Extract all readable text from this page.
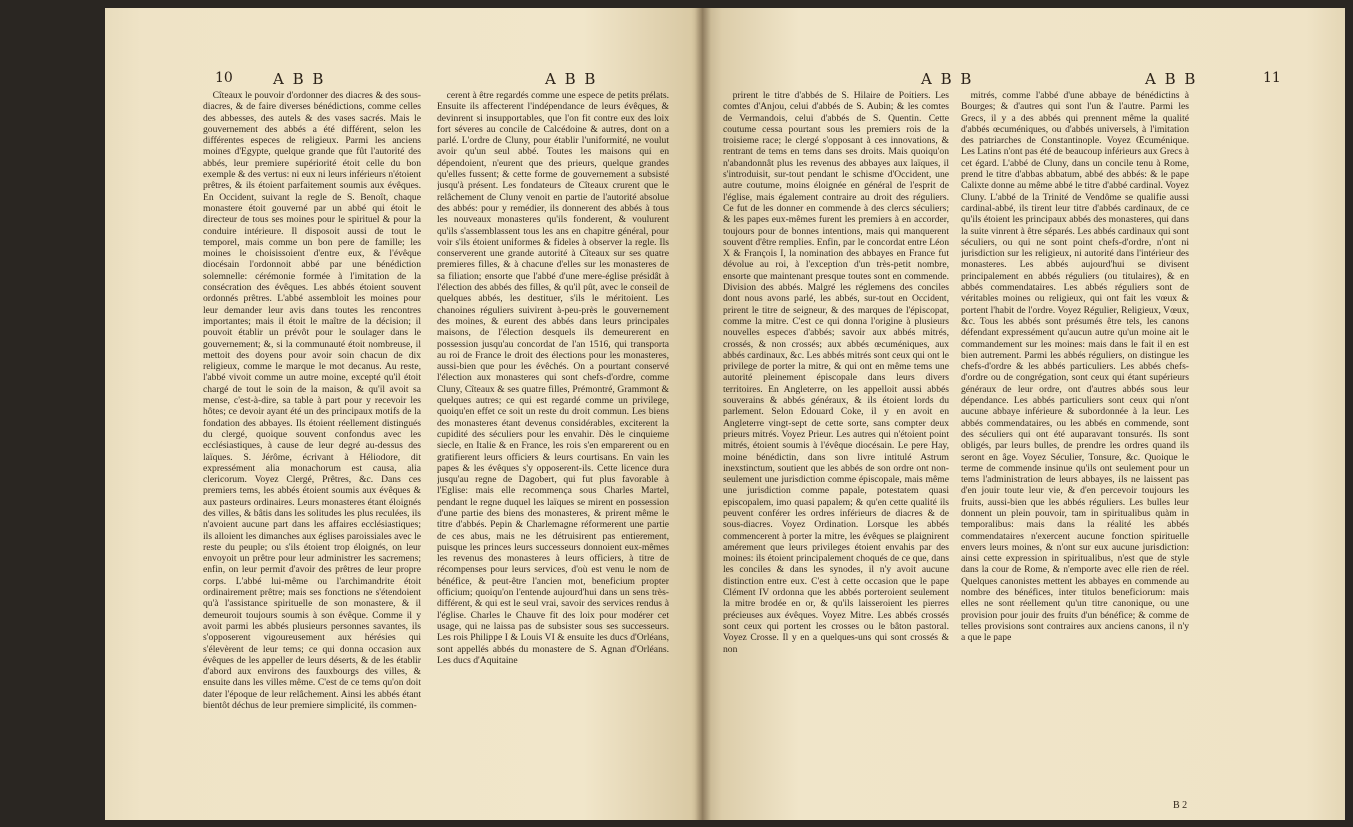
10	A B B	A B B

Cîteaux le pouvoir d'ordonner des diacres & des sous-diacres, & de faire diverses bénédictions, comme celles des abbesses, des autels & des vases sacrés. Mais le gouvernement des abbés a été différent, selon les différentes especes de religieux. Parmi les anciens moines d'Egypte, quelque grande que fût l'autorité des abbés, leur premiere supériorité étoit celle du bon exemple & des vertus: ni eux ni leurs inférieurs n'étoient prêtres, & ils étoient parfaitement soumis aux évêques. En Occident, suivant la regle de S. Benoît, chaque monastere étoit gouverné par un abbé qui étoit le directeur de tous ses moines pour le spirituel & pour la conduire intérieure. Il disposoit aussi de tout le temporel, mais comme un bon pere de famille; les moines le choisissoient d'entre eux, & l'évêque diocésain l'ordonnoit abbé par une bénédiction solemnelle: cérémonie formée à l'imitation de la consécration des évêques. Les abbés étoient souvent ordonnés prêtres. L'abbé assembloit les moines pour leur demander leur avis dans toutes les rencontres importantes; mais il étoit le maître de la décision; il pouvoit établir un prévôt pour le soulager dans le gouvernement; &, si la communauté étoit nombreuse, il mettoit des doyens pour avoir soin chacun de dix religieux, comme le marque le mot decanus. Au reste, l'abbé vivoit comme un autre moine, excepté qu'il étoit chargé de tout le soin de la maison, & qu'il avoit sa mense, c'est-à-dire, sa table à part pour y recevoir les hôtes; ce devoir ayant été un des principaux motifs de la fondation des abbayes. Ils étoient réellement distingués du clergé, quoique souvent confondus avec les ecclésiastiques, à cause de leur degré au-dessus des laïques. S. Jérôme, écrivant à Héliodore, dit expressément alia monachorum est causa, alia clericorum. Voyez Clergé, Prêtres, &c. Dans ces premiers tems, les abbés étoient soumis aux évêques & aux pasteurs ordinaires. Leurs monasteres étant éloignés des villes, & bâtis dans les solitudes les plus reculées, ils n'avoient aucune part dans les affaires ecclésiastiques; ils alloient les dimanches aux églises paroissiales avec le reste du peuple; ou s'ils étoient trop éloignés, on leur envoyoit un prêtre pour leur administrer les sacremens; enfin, on leur permit d'avoir des prêtres de leur propre corps. L'abbé lui-même ou l'archimandrite étoit ordinairement prêtre; mais ses fonctions ne s'étendoient qu'à l'assistance spirituelle de son monastere, & il demeuroit toujours soumis à son évêque. Comme il y avoit parmi les abbés plusieurs personnes savantes, ils s'opposerent vigoureusement aux hérésies qui s'élevèrent de leur tems; ce qui donna occasion aux évêques de les appeller de leurs déserts, & de les établir d'abord aux environs des fauxbourgs des villes, & ensuite dans les villes même. C'est de ce tems qu'on doit dater l'époque de leur relâchement. Ainsi les abbés étant bientôt déchus de leur premiere simplicité, ils commen-

cerent à être regardés comme une espece de petits prélats. Ensuite ils affecterent l'indépendance de leurs évêques, & devinrent si insupportables, que l'on fit contre eux des loix fort séveres au concile de Calcédoine & autres, dont on a parlé. L'ordre de Cluny, pour établir l'uniformité, ne voulut avoir qu'un seul abbé. Toutes les maisons qui en dépendoient, n'eurent que des prieurs, quelque grandes qu'elles fussent; & cette forme de gouvernement a subsisté jusqu'à présent. Les fondateurs de Cîteaux crurent que le relâchement de Cluny venoit en partie de l'autorité absolue des abbés: pour y remédier, ils donnerent des abbés à tous les nouveaux monasteres qu'ils fonderent, & voulurent qu'ils s'assemblassent tous les ans en chapitre général, pour voir s'ils étoient uniformes & fideles à observer la regle. Ils conserverent une grande autorité à Cîteaux sur ses quatre premieres filles, & à chacune d'elles sur les monasteres de sa filiation; ensorte que l'abbé d'une mere-église présidât à l'élection des abbés des filles, & qu'il pût, avec le conseil de quelques abbés, les destituer, s'ils le méritoient. Les chanoines réguliers suivirent à-peu-près le gouvernement des moines, & eurent des abbés dans leurs principales maisons, de l'élection desquels ils demeurerent en possession jusqu'au concordat de l'an 1516, qui transporta au roi de France le droit des élections pour les monasteres, aussi-bien que pour les évêchés. On a pourtant conservé l'élection aux monasteres qui sont chefs-d'ordre, comme Cluny, Cîteaux & ses quatre filles, Prémontré, Grammont & quelques autres; ce qui est regardé comme un privilege, quoiqu'en effet ce soit un reste du droit commun. Les biens des monasteres étant devenus considérables, exciterent la cupidité des séculiers pour les envahir. Dès le cinquieme siecle, en Italie & en France, les rois s'en emparerent ou en gratifierent leurs officiers & leurs courtisans. En vain les papes & les évêques s'y opposerent-ils. Cette licence dura jusqu'au regne de Dagobert, qui fut plus favorable à l'Eglise: mais elle recommença sous Charles Martel, pendant le regne duquel les laïques se mirent en possession d'une partie des biens des monasteres, & prirent même le titre d'abbés. Pepin & Charlemagne réformerent une partie de ces abus, mais ne les détruisirent pas entierement, puisque les princes leurs successeurs donnoient eux-mêmes les revenus des monasteres à leurs officiers, à titre de récompenses pour leurs services, d'où est venu le nom de bénéfice, & peut-être l'ancien mot, beneficium propter officium; quoiqu'on l'entende aujourd'hui dans un sens très-différent, & qui est le seul vrai, savoir des services rendus à l'église. Charles le Chauve fit des loix pour modérer cet usage, qui ne laissa pas de subsister sous ses successeurs. Les rois Philippe I & Louis VI & ensuite les ducs d'Orléans, sont appellés abbés du monastere de S. Agnan d'Orléans. Les ducs d'Aquitaine

A B B	A B B	11

prirent le titre d'abbés de S. Hilaire de Poitiers. Les comtes d'Anjou, celui d'abbés de S. Aubin; & les comtes de Vermandois, celui d'abbés de S. Quentin. Cette coutume cessa pourtant sous les premiers rois de la troisieme race; le clergé s'opposant à ces innovations, & rentrant de tems en tems dans ses droits. Mais quoiqu'on n'abandonnât plus les revenus des abbayes aux laïques, il s'introduisit, sur-tout pendant le schisme d'Occident, une autre coutume, moins éloignée en général de l'esprit de l'église, mais également contraire au droit des réguliers. Ce fut de les donner en commende à des clercs séculiers; & les papes eux-mêmes furent les premiers à en accorder, toujours pour de bonnes intentions, mais qui manquerent souvent d'être remplies. Enfin, par le concordat entre Léon X & François I, la nomination des abbayes en France fut dévolue au roi, à l'exception d'un très-petit nombre, ensorte que maintenant presque toutes sont en commende. Division des abbés. Malgré les réglemens des conciles dont nous avons parlé, les abbés, sur-tout en Occident, prirent le titre de seigneur, & des marques de l'épiscopat, comme la mitre. C'est ce qui donna l'origine à plusieurs nouvelles especes d'abbés; savoir aux abbés mitrés, crossés, & non crossés; aux abbés œcuméniques, aux abbés cardinaux, &c. Les abbés mitrés sont ceux qui ont le privilege de porter la mitre, & qui ont en même tems une autorité pleinement épiscopale dans leurs divers territoires. En Angleterre, on les appelloit aussi abbés souverains & abbés généraux, & ils étoient lords du parlement. Selon Edouard Coke, il y en avoit en Angleterre vingt-sept de cette sorte, sans compter deux prieurs mitrés. Voyez Prieur. Les autres qui n'étoient point mitrés, étoient soumis à l'évêque diocésain. Le pere Hay, moine bénédictin, dans son livre intitulé Astrum inexstinctum, soutient que les abbés de son ordre ont non-seulement une jurisdiction comme épiscopale, mais même une jurisdiction comme papale, potestatem quasi episcopalem, imo quasi papalem; & qu'en cette qualité ils peuvent conférer les ordres inférieurs de diacres & de sous-diacres. Voyez Ordination. Lorsque les abbés commencerent à porter la mitre, les évêques se plaignirent amérement que leurs privileges étoient envahis par des moines: ils étoient principalement choqués de ce que, dans les conciles & dans les synodes, il n'y avoit aucune distinction entre eux. C'est à cette occasion que le pape Clément IV ordonna que les abbés porteroient seulement la mitre brodée en or, & qu'ils laisseroient les pierres précieuses aux évêques. Voyez Mitre. Les abbés crossés sont ceux qui portent les crosses ou le bâton pastoral. Voyez Crosse. Il y en a quelques-uns qui sont crossés & non

mitrés, comme l'abbé d'une abbaye de bénédictins à Bourges; & d'autres qui sont l'un & l'autre. Parmi les Grecs, il y a des abbés qui prennent même la qualité d'abbés œcuméniques, ou d'abbés universels, à l'imitation des patriarches de Constantinople. Voyez Œcuménique. Les Latins n'ont pas été de beaucoup inférieurs aux Grecs à cet égard. L'abbé de Cluny, dans un concile tenu à Rome, prend le titre d'abbas abbatum, abbé des abbés: & le pape Calixte donne au même abbé le titre d'abbé cardinal. Voyez Cluny. L'abbé de la Trinité de Vendôme se qualifie aussi cardinal-abbé, ils tirent leur titre d'abbés cardinaux, de ce qu'ils étoient les principaux abbés des monasteres, qui dans la suite vinrent à être séparés. Les abbés cardinaux qui sont séculiers, ou qui ne sont point chefs-d'ordre, n'ont ni jurisdiction sur les religieux, ni autorité dans l'intérieur des monasteres. Les abbés aujourd'hui se divisent principalement en abbés réguliers (ou titulaires), & en abbés commendataires. Les abbés réguliers sont de véritables moines ou religieux, qui ont fait les vœux & portent l'habit de l'ordre. Voyez Régulier, Religieux, Vœux, &c. Tous les abbés sont présumés être tels, les canons défendant expressément qu'aucun autre qu'un moine ait le commandement sur les moines: mais dans le fait il en est bien autrement. Parmi les abbés réguliers, on distingue les chefs-d'ordre & les abbés particuliers. Les abbés chefs-d'ordre ou de congrégation, sont ceux qui étant supérieurs généraux de leur ordre, ont d'autres abbés sous leur dépendance. Les abbés particuliers sont ceux qui n'ont aucune abbaye inférieure & subordonnée à la leur. Les abbés commendataires, ou les abbés en commende, sont des séculiers qui ont été auparavant tonsurés. Ils sont obligés, par leurs bulles, de prendre les ordres quand ils seront en âge. Voyez Séculier, Tonsure, &c. Quoique le terme de commende insinue qu'ils ont seulement pour un tems l'administration de leurs abbayes, ils ne laissent pas d'en jouir toute leur vie, & d'en percevoir toujours les fruits, aussi-bien que les abbés réguliers. Les bulles leur donnent un plein pouvoir, tam in spiritualibus quàm in temporalibus: mais dans la réalité les abbés commendataires n'exercent aucune fonction spirituelle envers leurs moines, & n'ont sur eux aucune jurisdiction: ainsi cette expression in spiritualibus, n'est que de style dans la cour de Rome, & n'emporte avec elle rien de réel. Quelques canonistes mettent les abbayes en commende au nombre des bénéfices, inter titulos beneficiorum: mais elles ne sont réellement qu'un titre canonique, ou une provision pour jouir des fruits d'un bénéfice; & comme de telles provisions sont contraires aux anciens canons, il n'y a que le pape

B 2
